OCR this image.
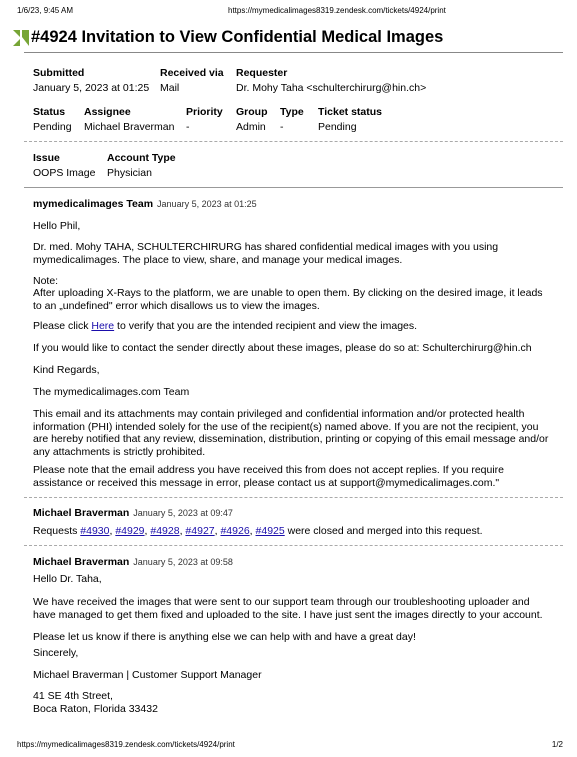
1/6/23, 9:45 AM	https://mymedicalimages8319.zendesk.com/tickets/4924/print
#4924 Invitation to View Confidential Medical Images
Submitted
January 5, 2023 at 01:25
Received via
Mail
Requester
Dr. Mohy Taha <schulterchirurg@hin.ch>
Status
Pending
Assignee
Michael Braverman
Priority
-
Group
Admin
Type
-
Ticket status
Pending
Issue
OOPS Image
Account Type
Physician
mymedicalimages Team January 5, 2023 at 01:25
Hello Phil,
Dr. med. Mohy TAHA, SCHULTERCHIRURG has shared confidential medical images with you using mymedicalimages. The place to view, share, and manage your medical images.
Note:
After uploading X-Rays to the platform, we are unable to open them. By clicking on the desired image, it leads to an „undefined" error which disallows us to view the images.
Please click Here to verify that you are the intended recipient and view the images.
If you would like to contact the sender directly about these images, please do so at: Schulterchirurg@hin.ch
Kind Regards,
The mymedicalimages.com Team
This email and its attachments may contain privileged and confidential information and/or protected health information (PHI) intended solely for the use of the recipient(s) named above. If you are not the recipient, you are hereby notified that any review, dissemination, distribution, printing or copying of this email message and/or any attachments is strictly prohibited.
Please note that the email address you have received this from does not accept replies. If you require assistance or received this message in error, please contact us at support@mymedicalimages.com."
Michael Braverman January 5, 2023 at 09:47
Requests #4930, #4929, #4928, #4927, #4926, #4925 were closed and merged into this request.
Michael Braverman January 5, 2023 at 09:58
Hello Dr. Taha,
We have received the images that were sent to our support team through our troubleshooting uploader and have managed to get them fixed and uploaded to the site. I have just sent the images directly to your account.
Please let us know if there is anything else we can help with and have a great day!
Sincerely,
Michael Braverman | Customer Support Manager
41 SE 4th Street,
Boca Raton, Florida 33432
https://mymedicalimages8319.zendesk.com/tickets/4924/print	1/2
